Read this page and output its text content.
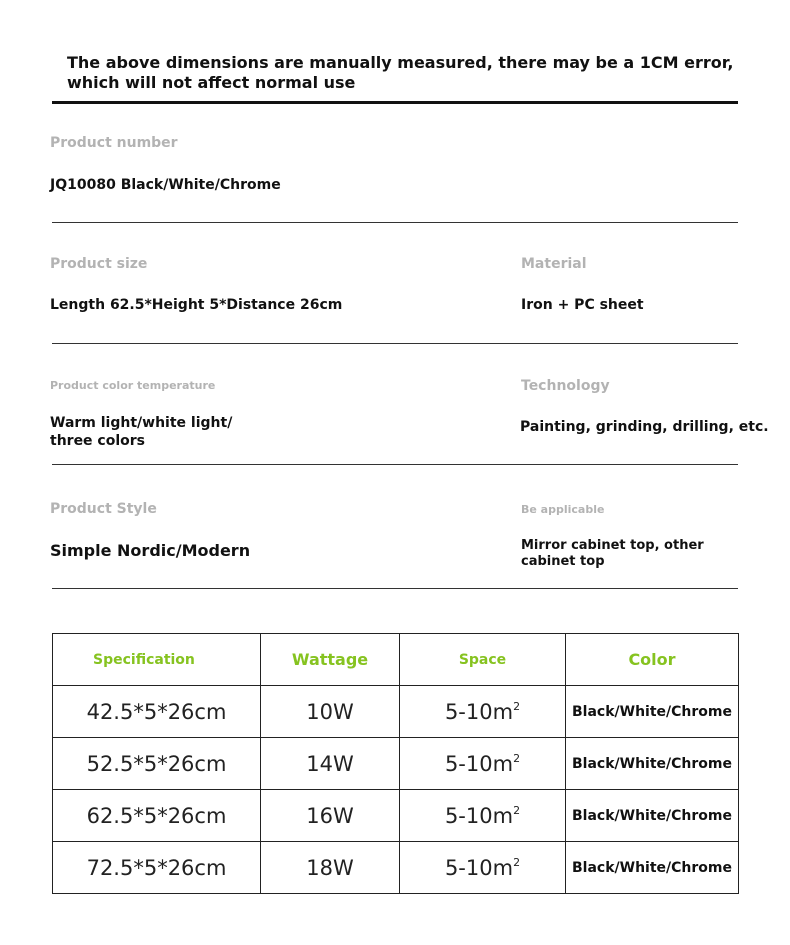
The above dimensions are manually measured, there may be a 1CM error, which will not affect normal use
Product number
JQ10080 Black/White/Chrome
Product size
Length 62.5*Height 5*Distance 26cm
Material
Iron + PC sheet
Product color temperature
Warm light/white light/
three colors
Technology
Painting, grinding, drilling, etc.
Product Style
Simple Nordic/Modern
Be applicable
Mirror cabinet top, other
cabinet top
Specification	Wattage	Space	Color
42.5*5*26cm	10W	$5-10m^2$	Black/White/Chrome
52.5*5*26cm	14W	$5-10m^2$	Black/White/Chrome
62.5*5*26cm	16W	$5-10m^2$	Black/White/Chrome
72.5*5*26cm	18W	$5-10m^2$	Black/White/Chrome
